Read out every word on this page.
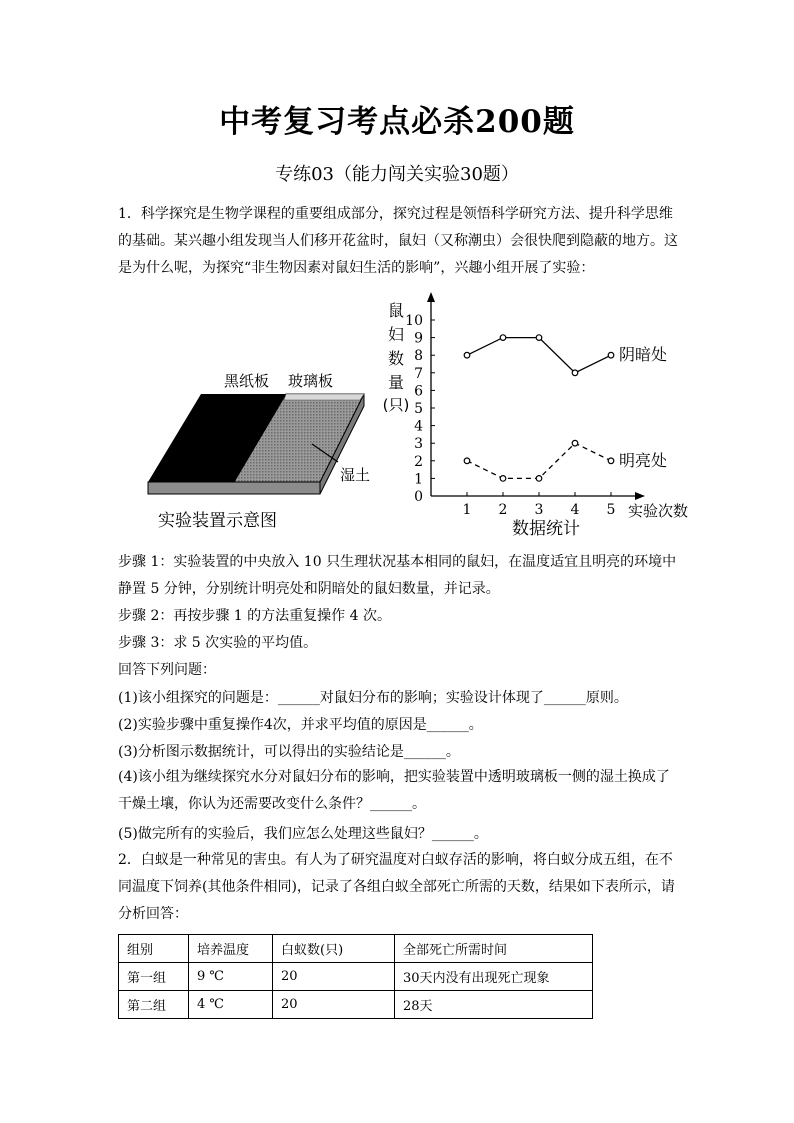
中考复习考点必杀200题
专练03（能力闯关实验30题）

1．科学探究是生物学课程的重要组成部分，探究过程是领悟科学研究方法、提升科学思维的基础。某兴趣小组发现当人们移开花盆时，鼠妇（又称潮虫）会很快爬到隐蔽的地方。这是为什么呢，为探究“非生物因素对鼠妇生活的影响”，兴趣小组开展了实验：

黑纸板 玻璃板
湿土
实验装置示意图
0
1
2
3
4
5
6
7
8
9
10
1 2 3 4 5
鼠
妇
数
量
(只)
实验次数
数据统计
阴暗处
明亮处
步骤 1：实验装置的中央放入 10 只生理状况基本相同的鼠妇，在温度适宜且明亮的环境中
静置 5 分钟，分别统计明亮处和阴暗处的鼠妇数量，并记录。
步骤 2：再按步骤 1 的方法重复操作 4 次。
步骤 3：求 5 次实验的平均值。
回答下列问题：
(1)该小组探究的问题是：______对鼠妇分布的影响；实验设计体现了______原则。
(2)实验步骤中重复操作4次，并求平均值的原因是______。
(3)分析图示数据统计，可以得出的实验结论是______。

(4)该小组为继续探究水分对鼠妇分布的影响，把实验装置中透明玻璃板一侧的湿土换成了干燥土壤，你认为还需要改变什么条件？______。

(5)做完所有的实验后，我们应怎么处理这些鼠妇？______。

2．白蚁是一种常见的害虫。有人为了研究温度对白蚁存活的影响，将白蚁分成五组，在不同温度下饲养(其他条件相同)，记录了各组白蚁全部死亡所需的天数，结果如下表所示，请分析回答：

组别	培养温度	白蚁数(只)	全部死亡所需时间
第一组	9 ℃	20	30天内没有出现死亡现象
第二组	4 ℃	20	28天
